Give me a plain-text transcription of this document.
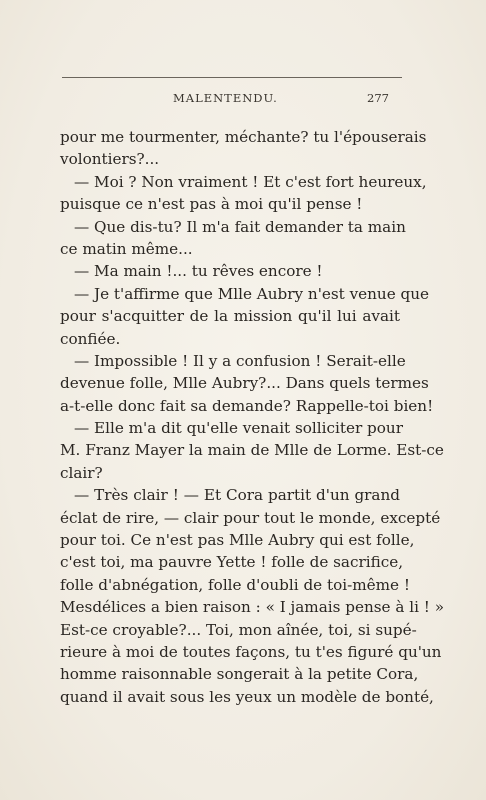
MALENTENDU.	277
pour me tourmenter, méchante? tu l'épouserais
volontiers?...
— Moi ? Non vraiment ! Et c'est fort heureux,
puisque ce n'est pas à moi qu'il pense !
— Que dis-tu? Il m'a fait demander ta main
ce matin même...
— Ma main !... tu rêves encore !
— Je t'affirme que Mlle Aubry n'est venue que
pour s'acquitter de la mission qu'il lui avait
confiée.
— Impossible ! Il y a confusion ! Serait-elle
devenue folle, Mlle Aubry?... Dans quels termes
a-t-elle donc fait sa demande? Rappelle-toi bien!
— Elle m'a dit qu'elle venait solliciter pour
M. Franz Mayer la main de Mlle de Lorme. Est-ce
clair?
— Très clair ! — Et Cora partit d'un grand
éclat de rire, — clair pour tout le monde, excepté
pour toi. Ce n'est pas Mlle Aubry qui est folle,
c'est toi, ma pauvre Yette ! folle de sacrifice,
folle d'abnégation, folle d'oubli de toi-même !
Mesdélices a bien raison : « I jamais pense à li ! »
Est-ce croyable?... Toi, mon aînée, toi, si supé-
rieure à moi de toutes façons, tu t'es figuré qu'un
homme raisonnable songerait à la petite Cora,
quand il avait sous les yeux un modèle de bonté,
